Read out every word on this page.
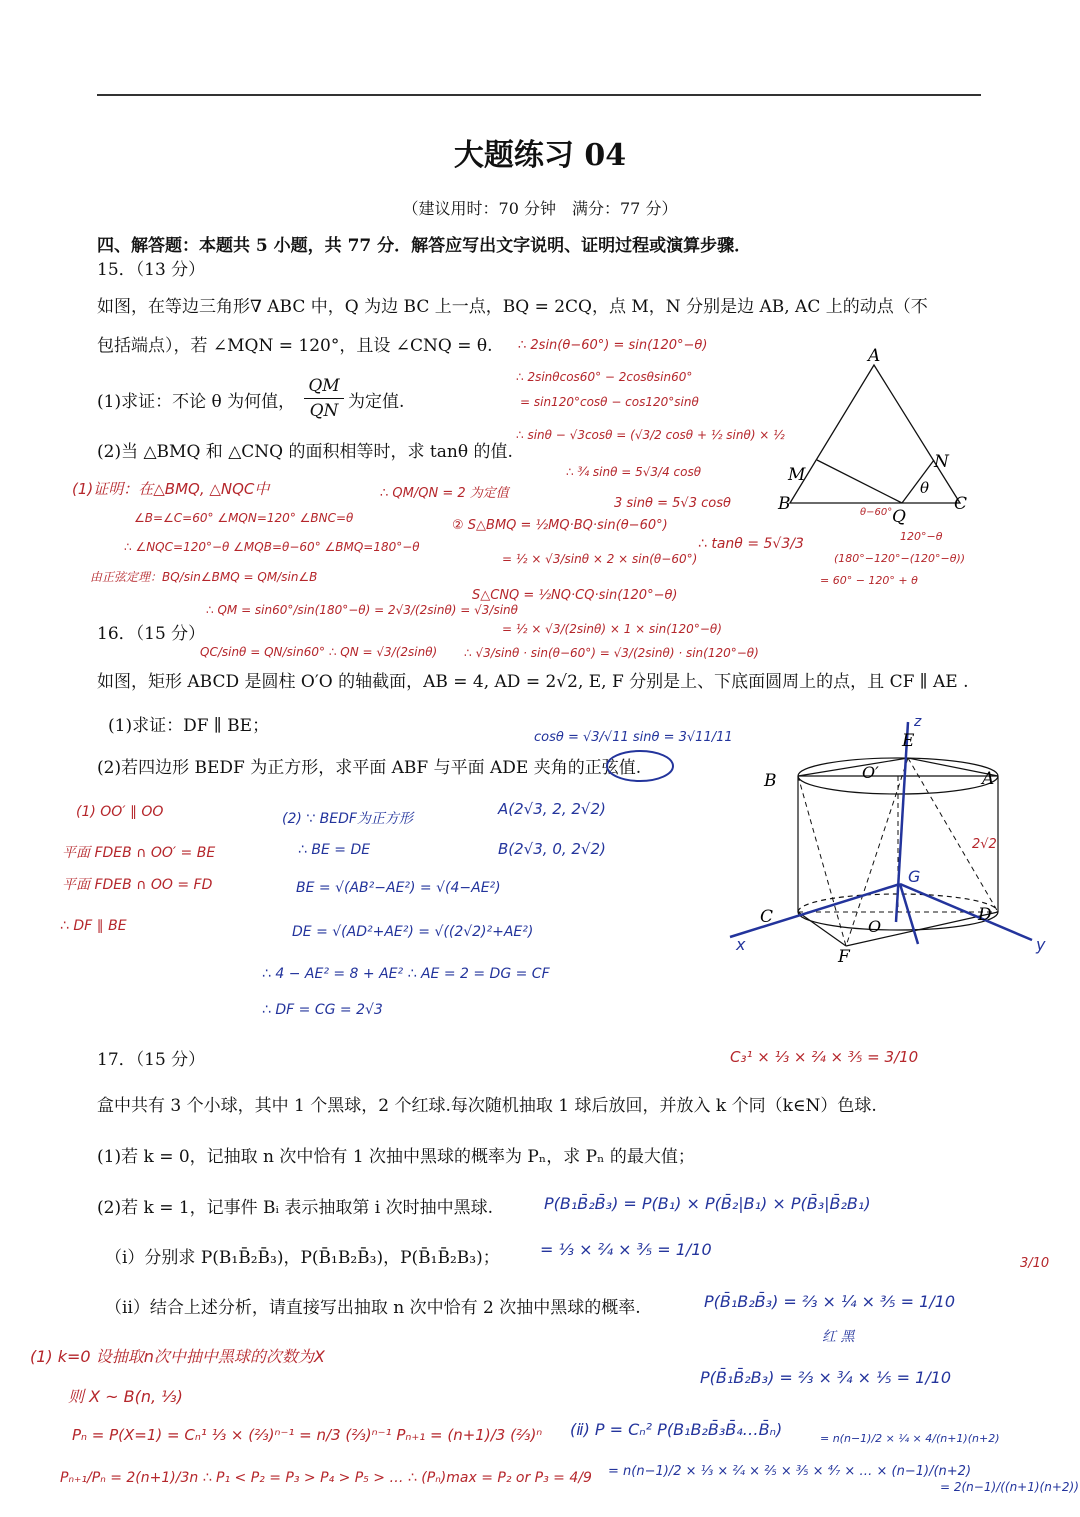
大题练习 04
（建议用时：70 分钟　满分：77 分）
四、解答题：本题共 5 小题，共 77 分．解答应写出文字说明、证明过程或演算步骤．
15．（13 分）
如图，在等边三角形∇ ABC 中，Q 为边 BC 上一点，BQ = 2CQ，点 M，N 分别是边 AB, AC 上的动点（不
包括端点），若 ∠MQN = 120°，且设 ∠CNQ = θ.
(1)求证：不论 θ 为何值，
QM
QN 为定值.
(2)当 △BMQ 和 △CNQ 的面积相等时，求 tanθ 的值.
A
B	C
M
N
Q
θ
16．（15 分）
如图，矩形 ABCD 是圆柱 O′O 的轴截面，AB = 4, AD = 2√2, E, F 分别是上、下底面圆周上的点，且 CF ∥ AE .
(1)求证：DF ∥ BE；
(2)若四边形 BEDF 为正方形，求平面 ABF 与平面 ADE 夹角的正弦值.
B	A
C	D
E
F
O′
O
G
z
x	y
2√2
17．（15 分）
盒中共有 3 个小球，其中 1 个黑球，2 个红球.每次随机抽取 1 球后放回，并放入 k 个同（k∈N）色球.
(1)若 k = 0，记抽取 n 次中恰有 1 次抽中黑球的概率为 Pₙ，求 Pₙ 的最大值；
(2)若 k = 1，记事件 Bᵢ 表示抽取第 i 次时抽中黑球.
（ⅰ）分别求 P(B₁B̄₂B̄₃)，P(B̄₁B₂B̄₃)，P(B̄₁B̄₂B₃)；
（ⅱ）结合上述分析，请直接写出抽取 n 次中恰有 2 次抽中黑球的概率.
(1)证明：在△BMQ, △NQC中
∠B=∠C=60° ∠MQN=120° ∠BNC=θ
∴ ∠NQC=120°−θ ∠MQB=θ−60° ∠BMQ=180°−θ
由正弦定理：BQ/sin∠BMQ = QM/sin∠B
∴ QM = sin60°/sin(180°−θ) = 2√3/(2sinθ) = √3/sinθ
QC/sinθ = QN/sin60° ∴ QN = √3/(2sinθ)
∴ QM/QN = 2 为定值
② S△BMQ = ½MQ·BQ·sin(θ−60°)
= ½ × √3/sinθ × 2 × sin(θ−60°)
S△CNQ = ½NQ·CQ·sin(120°−θ)
= ½ × √3/(2sinθ) × 1 × sin(120°−θ)
∴ √3/sinθ · sin(θ−60°) = √3/(2sinθ) · sin(120°−θ)
∴ 2sin(θ−60°) = sin(120°−θ)
∴ 2sinθcos60° − 2cosθsin60°
= sin120°cosθ − cos120°sinθ
∴ sinθ − √3cosθ = (√3/2 cosθ + ½ sinθ) × ½
∴ ¾ sinθ = 5√3/4 cosθ
3 sinθ = 5√3 cosθ
∴ tanθ = 5√3/3
cosθ = √3/√11 sinθ = 3√11/11
120°−θ
(180°−120°−(120°−θ))
= 60° − 120° + θ
θ−60°
(1) OO′ ∥ OO
平面 FDEB ∩ OO′ = BE
平面 FDEB ∩ OO = FD
∴ DF ∥ BE
(2) ∵ BEDF为正方形
∴ BE = DE
BE = √(AB²−AE²) = √(4−AE²)
DE = √(AD²+AE²) = √((2√2)²+AE²)
∴ 4 − AE² = 8 + AE² ∴ AE = 2 = DG = CF
∴ DF = CG = 2√3
A(2√3, 2, 2√2)
B(2√3, 0, 2√2)
C₃¹ × ⅓ × ²⁄₄ × ³⁄₅ = 3/10
(1) k=0 设抽取n次中抽中黑球的次数为X
则 X ~ B(n, ⅓)
Pₙ = P(X=1) = Cₙ¹ ⅓ × (⅔)ⁿ⁻¹ = n/3 (⅔)ⁿ⁻¹ Pₙ₊₁ = (n+1)/3 (⅔)ⁿ
Pₙ₊₁/Pₙ = 2(n+1)/3n ∴ P₁ < P₂ = P₃ > P₄ > P₅ > … ∴ (Pₙ)max = P₂ or P₃ = 4/9
P(B₁B̄₂B̄₃) = P(B₁) × P(B̄₂|B₁) × P(B̄₃|B̄₂B₁)
= ⅓ × ²⁄₄ × ³⁄₅ = 1/10
P(B̄₁B₂B̄₃) = ⅔ × ¼ × ⅗ = 1/10
红 黑
P(B̄₁B̄₂B₃) = ⅔ × ¾ × ⅕ = 1/10
(ⅱ) P = Cₙ² P(B₁B₂B̄₃B̄₄…B̄ₙ)
= n(n−1)/2 × ⅓ × ²⁄₄ × ⅖ × ⅗ × ⁴⁄₇ × … × (n−1)/(n+2)
= n(n−1)/2 × ¼ × 4/(n+1)(n+2)
= 2(n−1)/((n+1)(n+2))
3/10
